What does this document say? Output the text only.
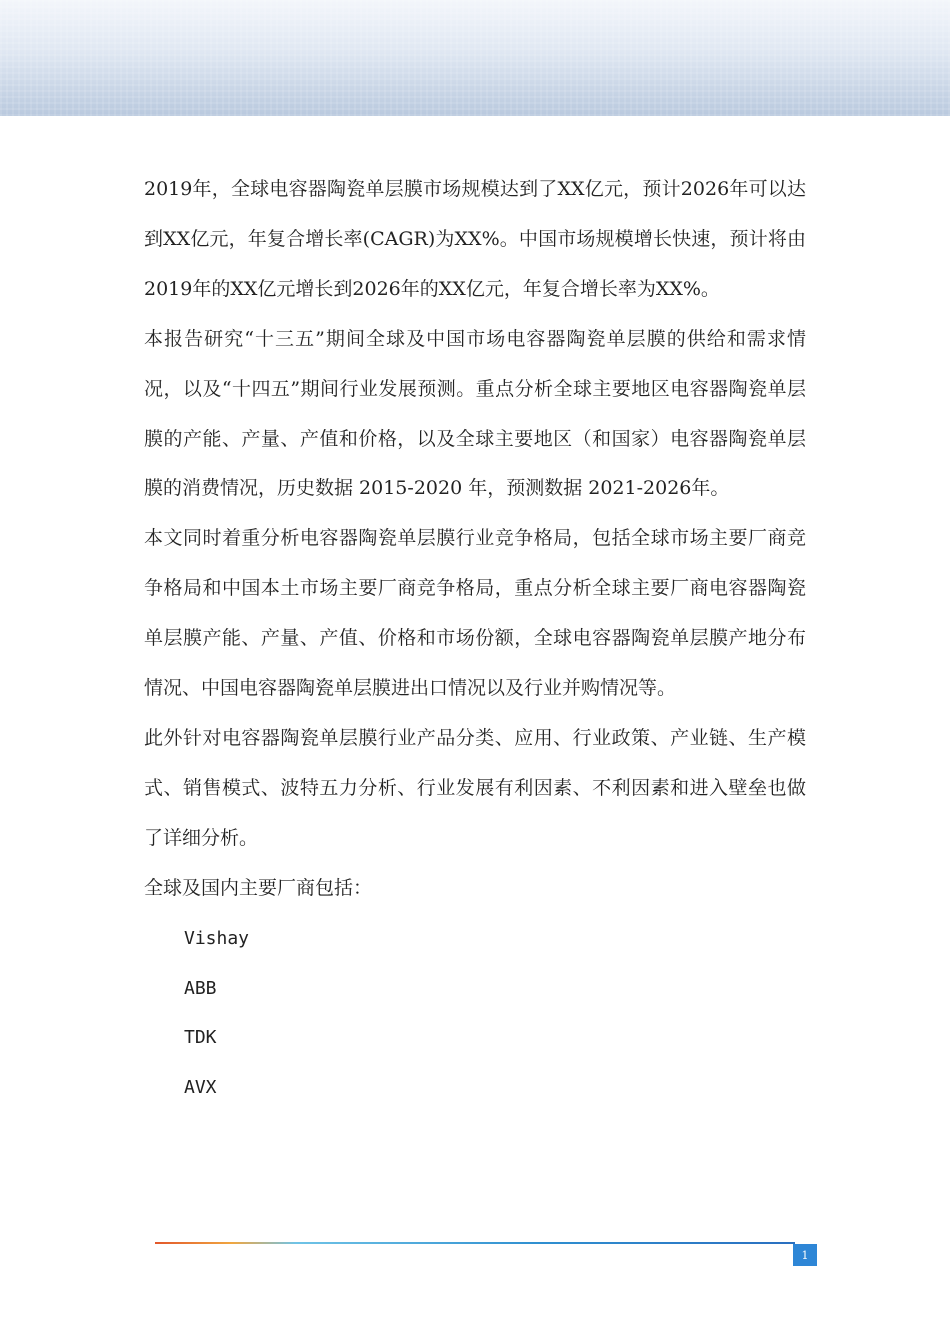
2019年，全球电容器陶瓷单层膜市场规模达到了XX亿元，预计2026年可以达到XX亿元，年复合增长率(CAGR)为XX%。中国市场规模增长快速，预计将由2019年的XX亿元增长到2026年的XX亿元，年复合增长率为XX%。

本报告研究“十三五”期间全球及中国市场电容器陶瓷单层膜的供给和需求情况，以及“十四五”期间行业发展预测。重点分析全球主要地区电容器陶瓷单层膜的产能、产量、产值和价格，以及全球主要地区（和国家）电容器陶瓷单层膜的消费情况，历史数据 2015-2020 年，预测数据 2021-2026年。

本文同时着重分析电容器陶瓷单层膜行业竞争格局，包括全球市场主要厂商竞争格局和中国本土市场主要厂商竞争格局，重点分析全球主要厂商电容器陶瓷单层膜产能、产量、产值、价格和市场份额，全球电容器陶瓷单层膜产地分布情况、中国电容器陶瓷单层膜进出口情况以及行业并购情况等。

此外针对电容器陶瓷单层膜行业产品分类、应用、行业政策、产业链、生产模式、销售模式、波特五力分析、行业发展有利因素、不利因素和进入壁垒也做了详细分析。

全球及国内主要厂商包括：

Vishay
ABB
TDK
AVX
1
